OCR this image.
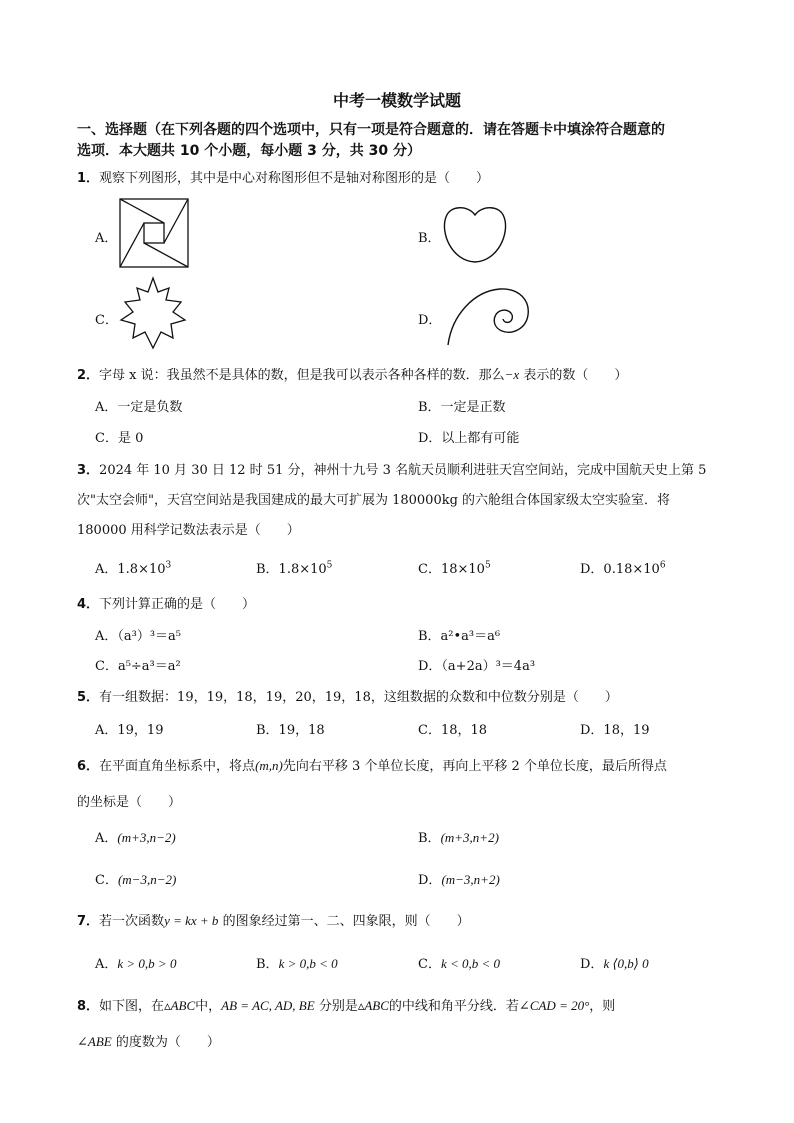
中考一模数学试题
一、选择题（在下列各题的四个选项中，只有一项是符合题意的．请在答题卡中填涂符合题意的
选项．本大题共 10 个小题，每小题 3 分，共 30 分）
1．观察下列图形，其中是中心对称图形但不是轴对称图形的是（　　）
A．	B．
C．	D．
2．字母 x 说：我虽然不是具体的数，但是我可以表示各种各样的数．那么−x 表示的数（　　）
A．一定是负数	B．一定是正数
C．是 0	D．以上都有可能
3．2024 年 10 月 30 日 12 时 51 分，神州十九号 3 名航天员顺利进驻天宫空间站，完成中国航天史上第 5
次"太空会师"，天宫空间站是我国建成的最大可扩展为 180000kg 的六舱组合体国家级太空实验室．将
180000 用科学记数法表示是（　　）
A．$1.8\times 10^3$	B．$1.8\times 10^5$	C．$18\times 10^5$	D．$0.18\times 10^6$
4．下列计算正确的是（　　）
A．（a³）³＝a⁵	B．a²•a³＝a⁶
C．a⁵÷a³＝a²	D．（a+2a）³＝4a³
5．有一组数据：19，19，18，19，20，19，18，这组数据的众数和中位数分别是（　　）
A．19，19	B．19，18	C．18，18	D．18，19
6．在平面直角坐标系中，将点(m,n)先向右平移 3 个单位长度，再向上平移 2 个单位长度，最后所得点
的坐标是（　　）
A．(m+3,n−2)	B．(m+3,n+2)
C．(m−3,n−2)	D．(m−3,n+2)
7．若一次函数y = kx + b 的图象经过第一、二、四象限，则（　　）
A．k > 0,b > 0	B．k > 0,b < 0	C．k < 0,b < 0	D．k ⟨0,b⟩ 0
8．如下图，在▵ABC中，AB = AC, AD, BE 分别是▵ABC的中线和角平分线．若∠CAD = 20°，则
∠ABE 的度数为（　　）
